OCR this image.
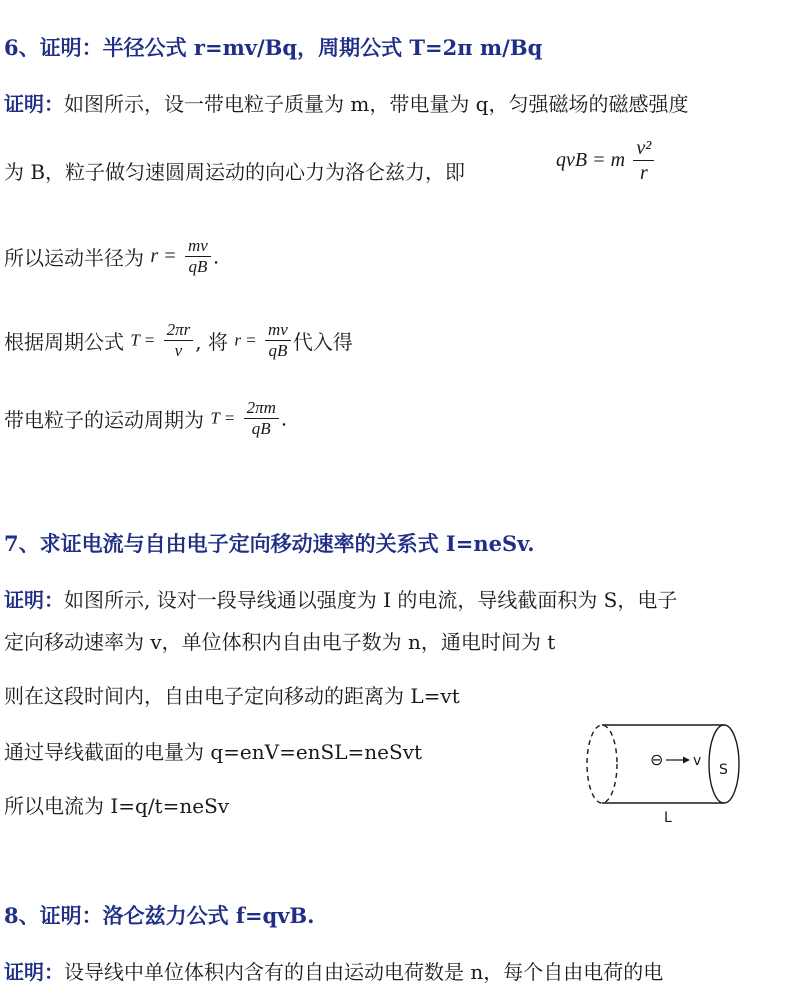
6、证明：半径公式 r=mv/Bq，周期公式 T=2π m/Bq
证明：如图所示，设一带电粒子质量为 m，带电量为 q，匀强磁场的磁感强度
为 B，粒子做匀速圆周运动的向心力为洛仑兹力，即	qvB = m $\frac{\text{v²}}{r}$
所以运动半径为 $r = \frac{mv}{qB}$ .
根据周期公式 $T = \frac{2\pi r}{v}$ , 将 $r = \frac{mv}{qB}$ 代入得
带电粒子的运动周期为 $T = \frac{2\pi m}{qB}$ .
7、求证电流与自由电子定向移动速率的关系式 I=neSv.
证明：如图所示, 设对一段导线通以强度为 I 的电流，导线截面积为 S，电子
定向移动速率为 v，单位体积内自由电子数为 n，通电时间为 t
则在这段时间内，自由电子定向移动的距离为 L=vt
通过导线截面的电量为 q=enV=enSL=neSvt
所以电流为 I=q/t=neSv
⊖ v
S
L
8、证明：洛仑兹力公式 f=qvB.
证明：设导线中单位体积内含有的自由运动电荷数是 n，每个自由电荷的电
